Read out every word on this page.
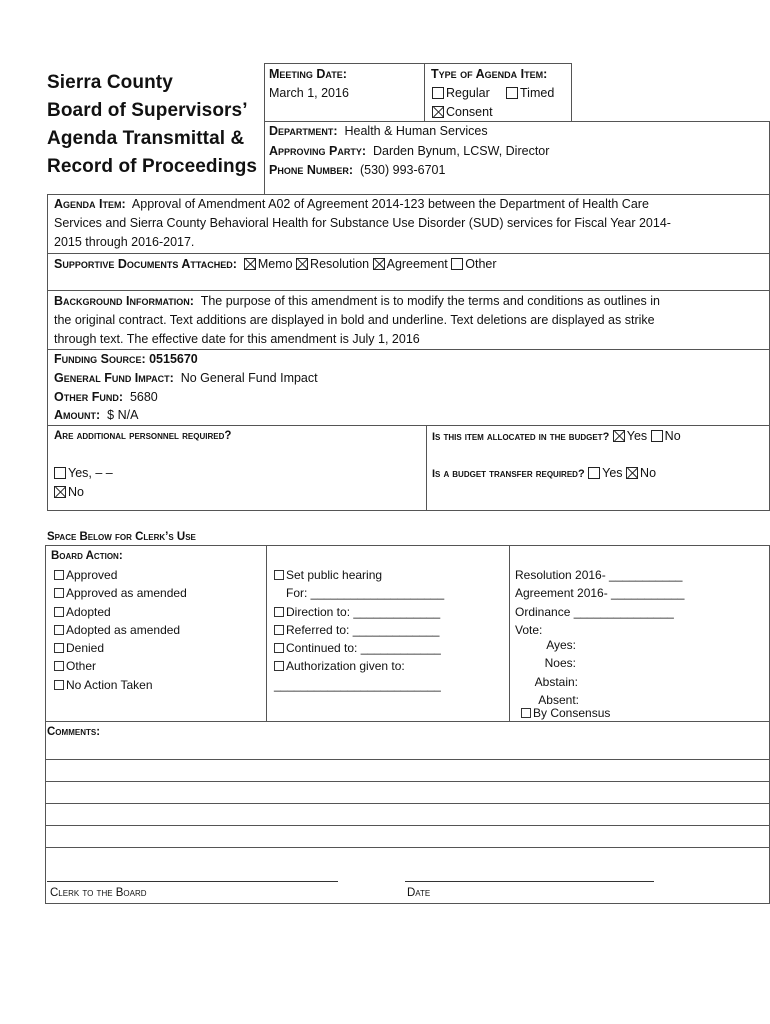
Sierra County
Board of Supervisors’
Agenda Transmittal &
Record of Proceedings
Meeting Date:
March 1, 2016
Type of Agenda Item:
Regular	Timed
Consent
Department: Health & Human Services
Approving Party: Darden Bynum, LCSW, Director
Phone Number: (530) 993-6701
Agenda Item: Approval of Amendment A02 of Agreement 2014-123 between the Department of Health Care
Services and Sierra County Behavioral Health for Substance Use Disorder (SUD) services for Fiscal Year 2014-
2015 through 2016-2017.
Supportive Documents Attached: Memo Resolution Agreement Other
Background Information: The purpose of this amendment is to modify the terms and conditions as outlines in
the original contract. Text additions are displayed in bold and underline. Text deletions are displayed as strike
through text. The effective date for this amendment is July 1, 2016
Funding Source: 0515670
General Fund Impact: No General Fund Impact
Other Fund: 5680
Amount: $ N/A
Are additional personnel required?
Yes, – –
No
Is this item allocated in the budget? Yes No
Is a budget transfer required? Yes No
Space Below for Clerk’s Use
Board Action:
Approved
Approved as amended
Adopted
Adopted as amended
Denied
Other
No Action Taken
Set public hearing
For: ____________________
Direction to: _____________
Referred to: _____________
Continued to: ____________
Authorization given to:
_________________________
Resolution 2016- ___________
Agreement 2016- ___________
Ordinance _______________
Vote:
Ayes:
Noes:
Abstain:
Absent:
By Consensus
Comments:
Clerk to the Board	Date
